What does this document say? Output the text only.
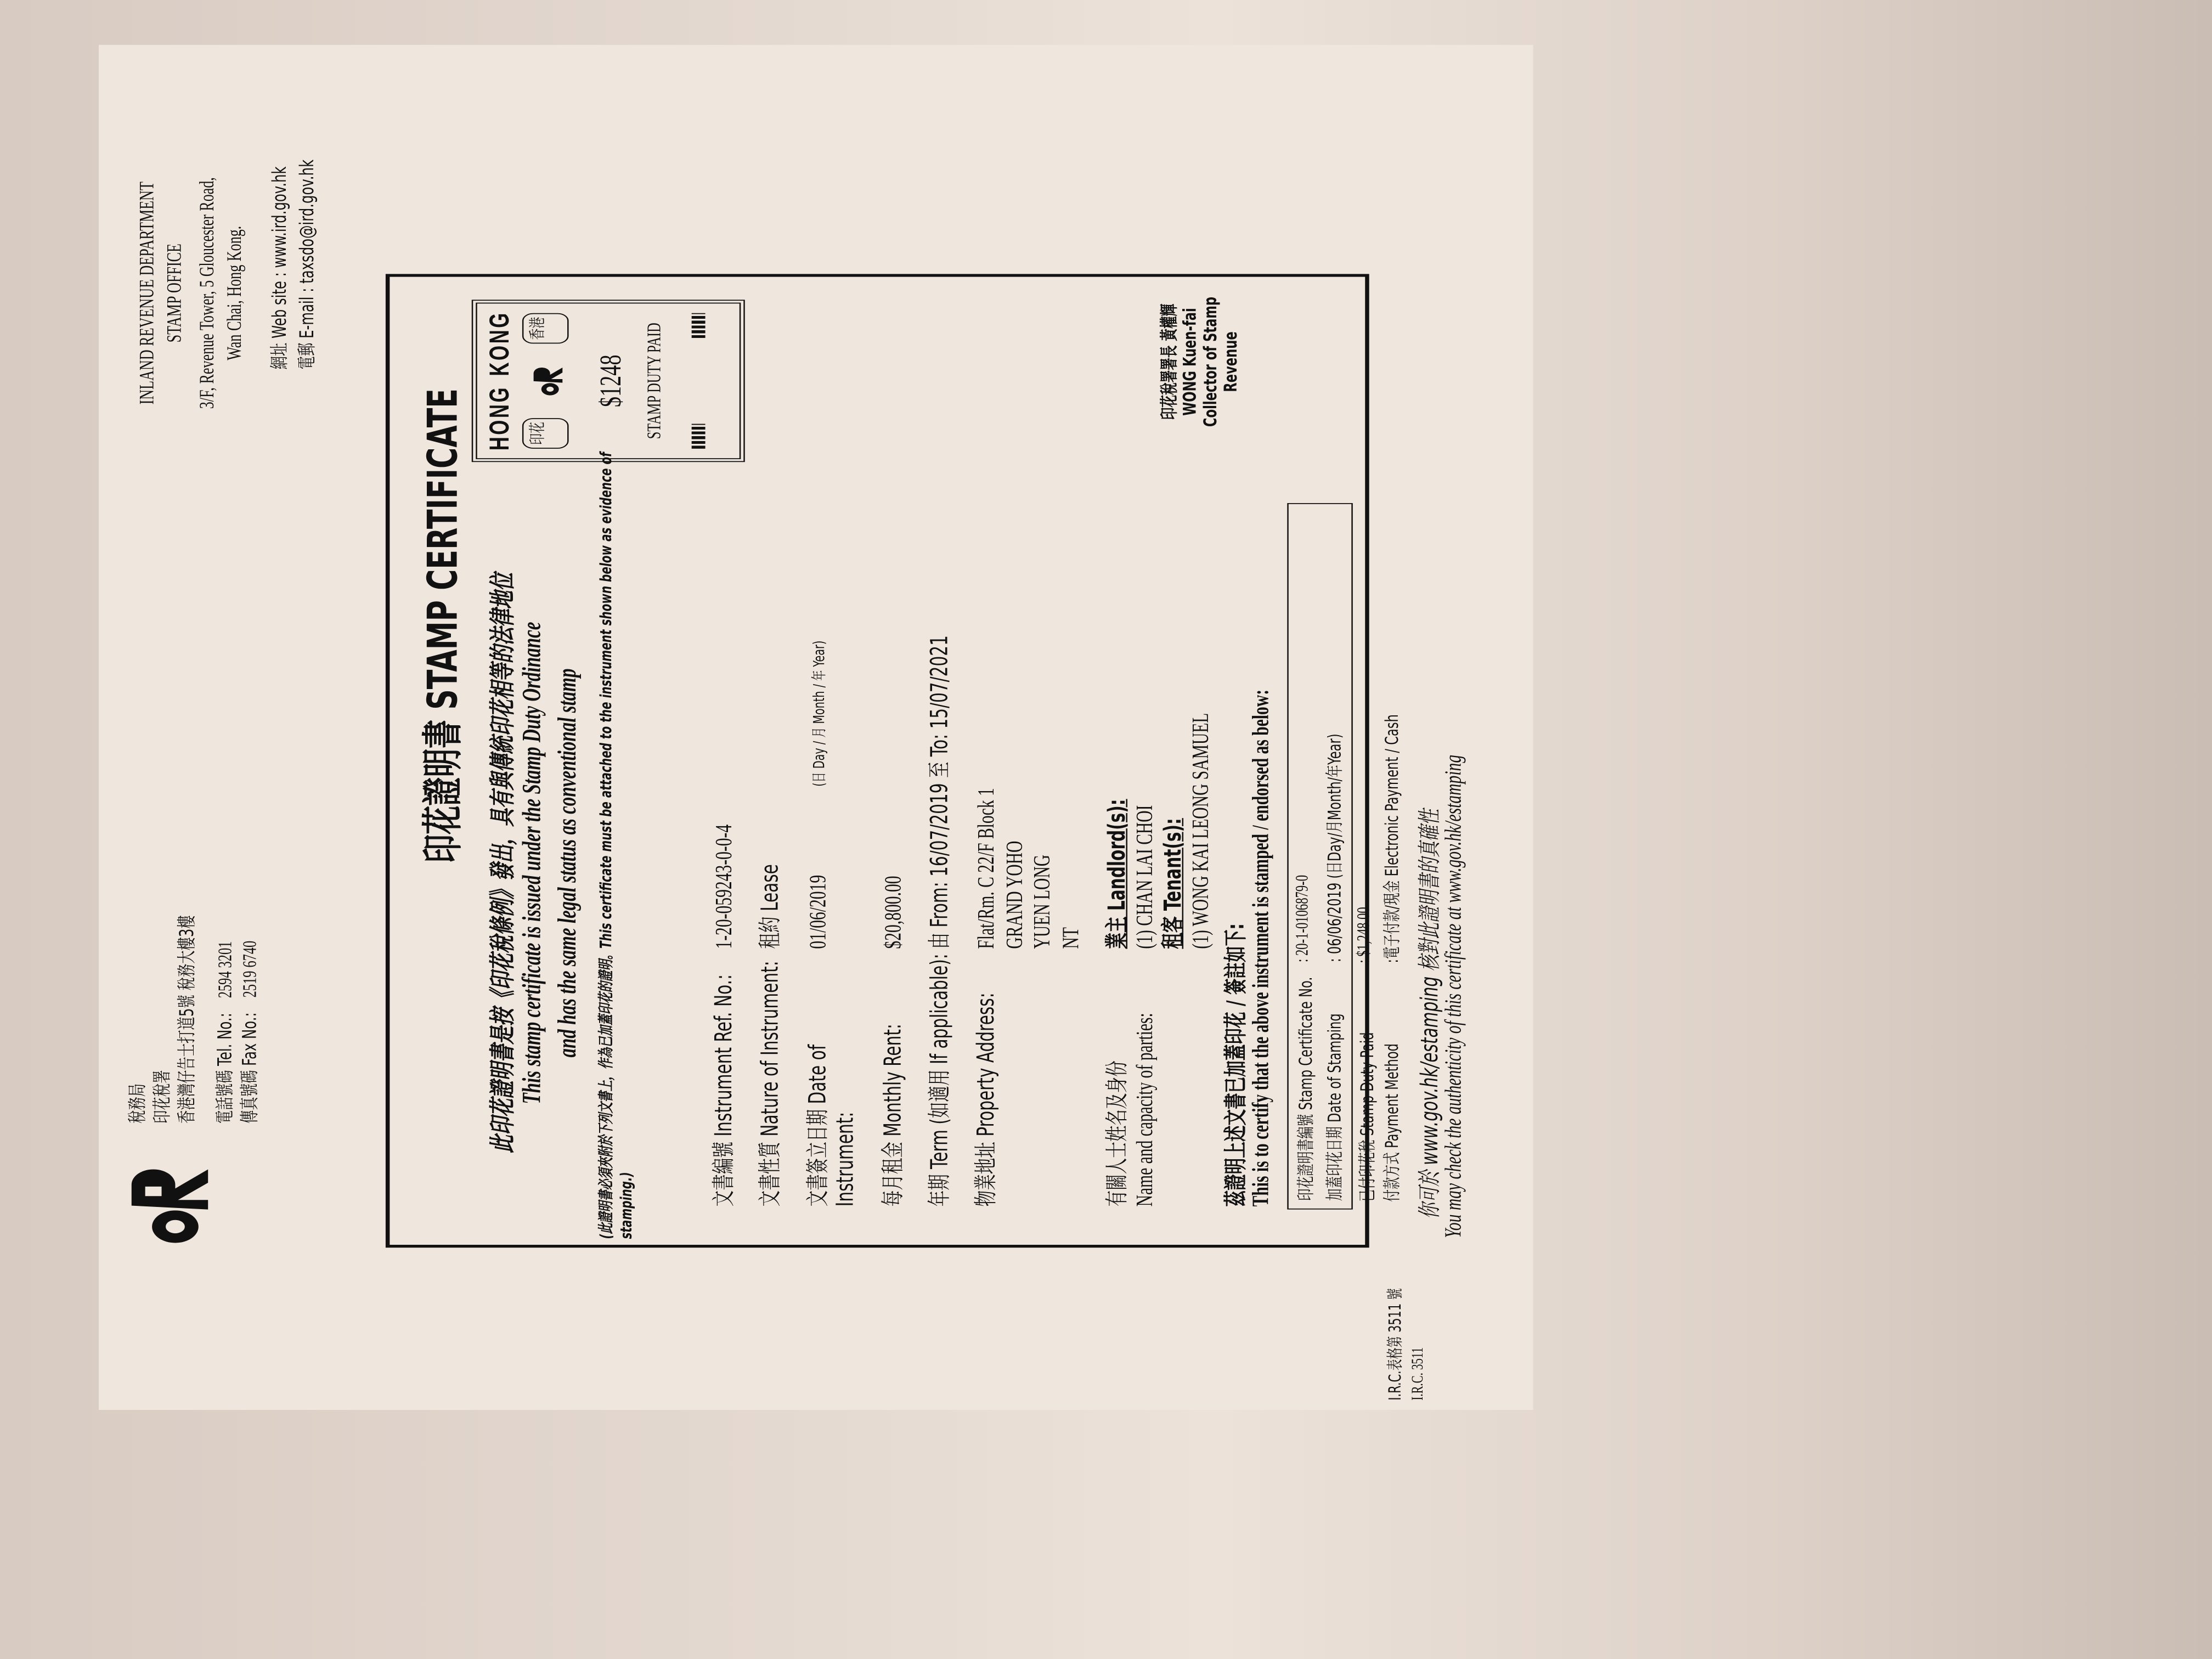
稅務局 印花稅署 香港灣仔告士打道5號 稅務大樓3樓	電話號碼 Tel. No.: 2594 3201
傳真號碼 Fax No.: 2519 6740
INLAND REVENUE DEPARTMENT STAMP OFFICE 3/F, Revenue Tower, 5 Gloucester Road, Wan Chai, Hong Kong.	網址 Web site : www.ird.gov.hk 電郵 E-mail : taxsdo@ird.gov.hk
印花證明書 STAMP CERTIFICATE	此印花證明書是按《印花稅條例》發出，具有與傳統印花相等的法律地位 This stamp certificate is issued under the Stamp Duty Ordinance and has the same legal status as conventional stamp (此證明書必須夾附於下列文書上，作為已加蓋印花的證明。This certificate must be attached to the instrument shown below as evidence of stamping.)
HONG
KONG
印花
香港
$1248 STAMP DUTY PAID
文書編號 Instrument Ref. No.:
1-20-059243-0-0-4
文書性質 Nature of Instrument:
租約 Lease
文書簽立日期 Date of Instrument:
01/06/2019
(日 Day / 月 Month / 年 Year)
每月租金 Monthly Rent:
$20,800.00
年期 Term (如適用 If applicable):
由 From: 16/07/2019 至 To: 15/07/2021
物業地址 Property Address:
Flat/Rm. C 22/F Block 1 GRAND YOHO YUEN LONG NT
有關人士姓名及身份 Name and capacity of parties:
業主 Landlord(s): (1) CHAN LAI CHOI 租客 Tenant(s): (1) WONG KAI LEONG SAMUEL
茲證明上述文書已加蓋印花 / 簽註如下:
This is to certify that the above instrument is stamped / endorsed as below:
印花稅署署長 黃權輝 WONG Kuen-fai Collector of Stamp Revenue
印花證明書編號 Stamp Certificate No.
: 20-1-010687​9-0
加蓋印花日期 Date of Stamping
: 06/06/2019 (日Day/月Month/年Year)
已付印花稅 Stamp Duty Paid
: $1,248.00
付款方式 Payment Method
:電子付款/現金 Electronic Payment / Cash	你可於 www.gov.hk/estamping 核對此證明書的真確性
You may check the authenticity of this certificate at www.gov.hk/estamping
I.R.C.表格第 3511 號 I.R.C. 3511
